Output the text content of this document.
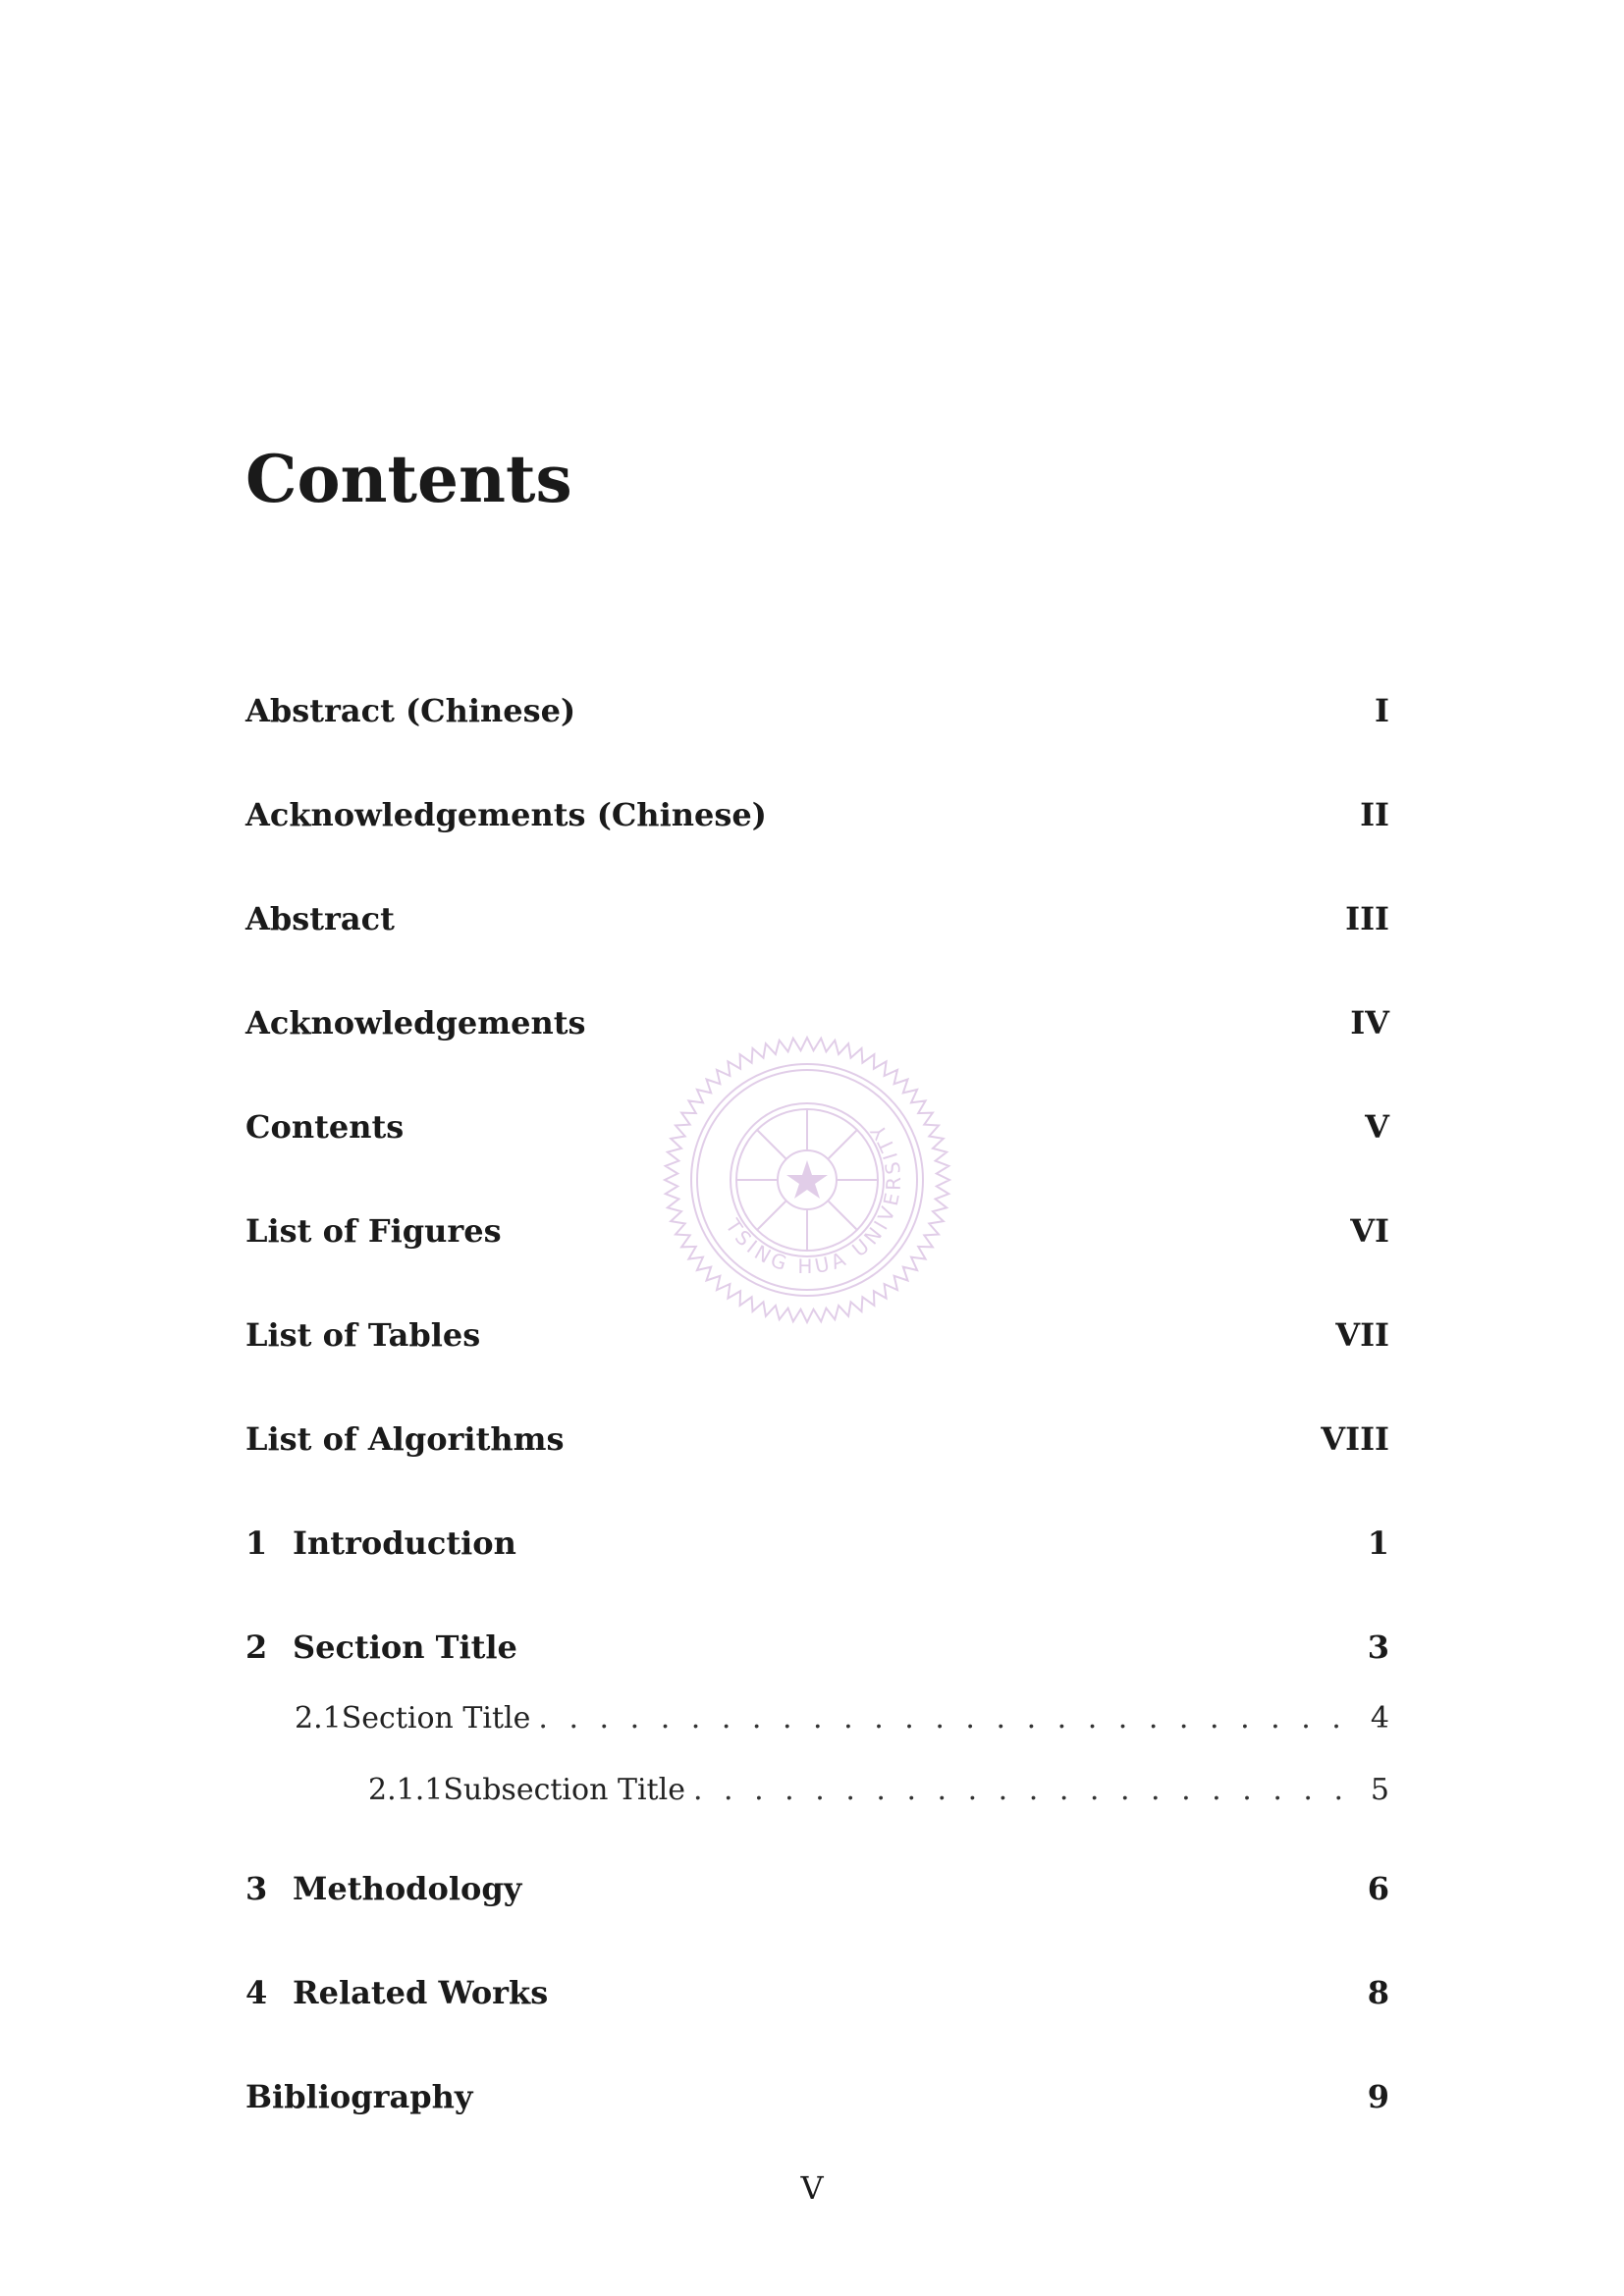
Contents
Abstract (Chinese)	I
Acknowledgements (Chinese)	II
Abstract	III
Acknowledgements	IV
Contents	V
List of Figures	VI
List of Tables	VII
List of Algorithms	VIII
1 Introduction	1
2 Section Title	3
2.1 Section Title . . .	4
2.1.1 Subsection Title . . .	5
3 Methodology	6
4 Related Works	8
Bibliography	9
TSING HUA UNIVERSITY
V
